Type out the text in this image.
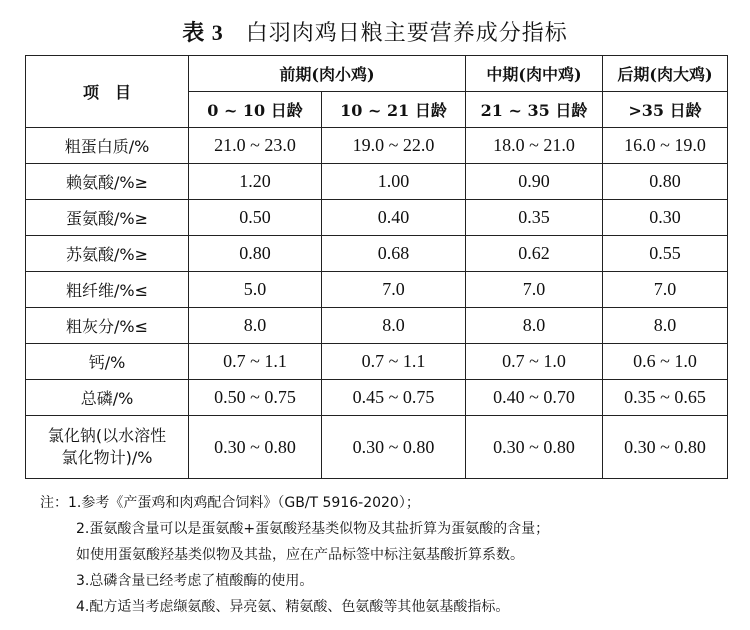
表 3 白羽肉鸡日粮主要营养成分指标
项　目	前期(肉小鸡)		中期(肉中鸡)	后期(肉大鸡)
	0 ~ 10 日龄	10 ~ 21 日龄	21 ~ 35 日龄	>35 日龄
粗蛋白质/%	21.0 ~ 23.0	19.0 ~ 22.0	18.0 ~ 21.0	16.0 ~ 19.0
赖氨酸/%≥	1.20	1.00	0.90	0.80
蛋氨酸/%≥	0.50	0.40	0.35	0.30
苏氨酸/%≥	0.80	0.68	0.62	0.55
粗纤维/%≤	5.0	7.0	7.0	7.0
粗灰分/%≤	8.0	8.0	8.0	8.0
钙/%	0.7 ~ 1.1	0.7 ~ 1.1	0.7 ~ 1.0	0.6 ~ 1.0
总磷/%	0.50 ~ 0.75	0.45 ~ 0.75	0.40 ~ 0.70	0.35 ~ 0.65

氯化钠(以水溶性
氯化物计)/%	0.30 ~ 0.80	0.30 ~ 0.80	0.30 ~ 0.80	0.30 ~ 0.80
注：1.参考《产蛋鸡和肉鸡配合饲料》（GB/T 5916-2020）；
2.蛋氨酸含量可以是蛋氨酸+蛋氨酸羟基类似物及其盐折算为蛋氨酸的含量；
如使用蛋氨酸羟基类似物及其盐，应在产品标签中标注氨基酸折算系数。
3.总磷含量已经考虑了植酸酶的使用。
4.配方适当考虑缬氨酸、异亮氨、精氨酸、色氨酸等其他氨基酸指标。
